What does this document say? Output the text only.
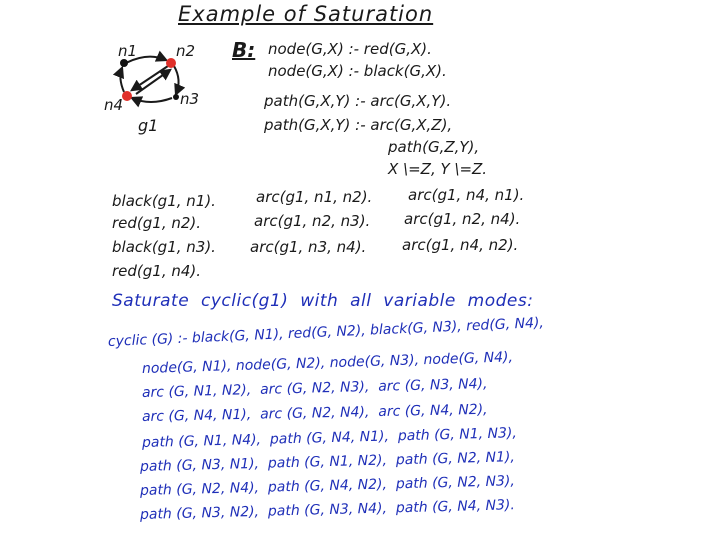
Example of Saturation
n1	n2
n3
n4
g1
B: node(G,X) :- red(G,X).
node(G,X) :- black(G,X).
path(G,X,Y) :- arc(G,X,Y).
path(G,X,Y) :- arc(G,X,Z),
path(G,Z,Y),
X \=Z, Y \=Z.
black(g1, n1).
red(g1, n2).
black(g1, n3).
red(g1, n4).
arc(g1, n1, n2).
arc(g1, n2, n3).
arc(g1, n3, n4).
arc(g1, n4, n1).
arc(g1, n2, n4).
arc(g1, n4, n2).
Saturate  cyclic(g1)  with  all  variable  modes:
cyclic (G) :- black(G, N1), red(G, N2), black(G, N3), red(G, N4),
node(G, N1), node(G, N2), node(G, N3), node(G, N4),
arc (G, N1, N2),  arc (G, N2, N3),  arc (G, N3, N4),
arc (G, N4, N1),  arc (G, N2, N4),  arc (G, N4, N2),
path (G, N1, N4),  path (G, N4, N1),  path (G, N1, N3),
path (G, N3, N1),  path (G, N1, N2),  path (G, N2, N1),
path (G, N2, N4),  path (G, N4, N2),  path (G, N2, N3),
path (G, N3, N2),  path (G, N3, N4),  path (G, N4, N3).
